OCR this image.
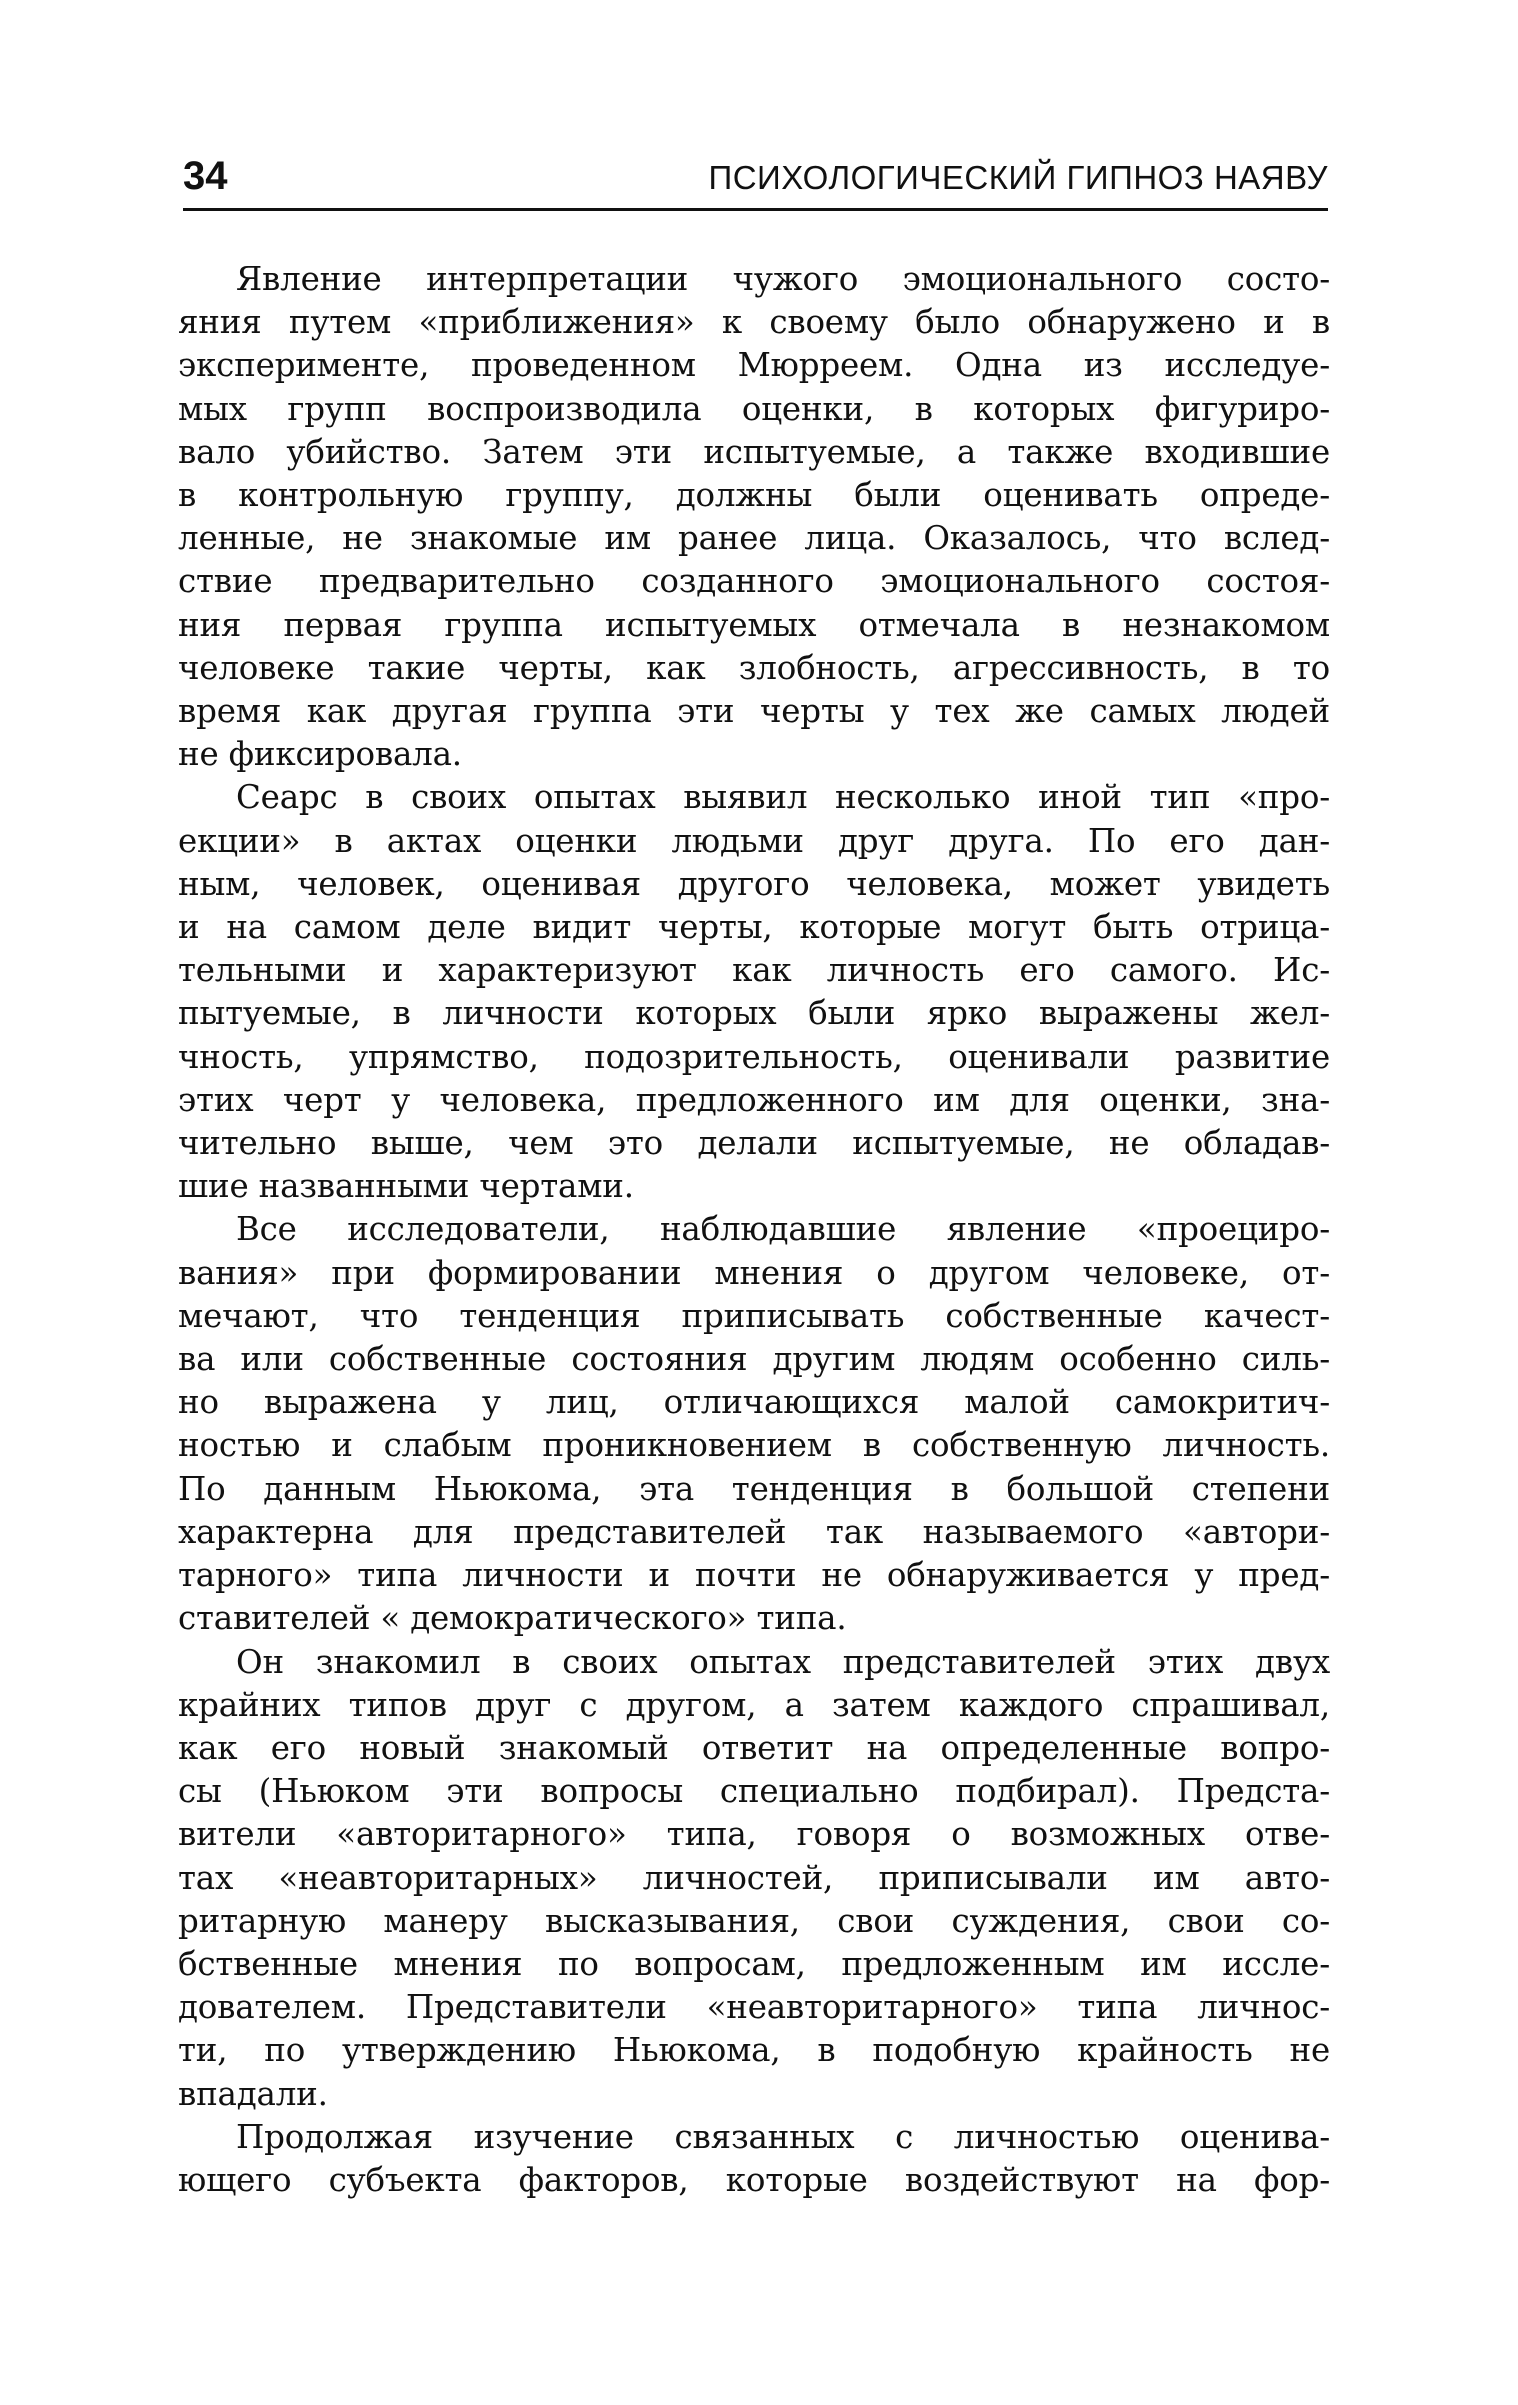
34	ПСИХОЛОГИЧЕСКИЙ ГИПНОЗ НАЯВУ

Явление интерпретации чужого эмоционального состо-
яния путем «приближения» к своему было обнаружено и в
эксперименте, проведенном Мюрреем. Одна из исследуе-
мых групп воспроизводила оценки, в которых фигуриро-
вало убийство. Затем эти испытуемые, а также входившие
в контрольную группу, должны были оценивать опреде-
ленные, не знакомые им ранее лица. Оказалось, что вслед-
ствие предварительно созданного эмоционального состоя-
ния первая группа испытуемых отмечала в незнакомом
человеке такие черты, как злобность, агрессивность, в то
время как другая группа эти черты у тех же самых людей
не фиксировала.

Сеарс в своих опытах выявил несколько иной тип «про-
екции» в актах оценки людьми друг друга. По его дан-
ным, человек, оценивая другого человека, может увидеть
и на самом деле видит черты, которые могут быть отрица-
тельными и характеризуют как личность его самого. Ис-
пытуемые, в личности которых были ярко выражены жел-
чность, упрямство, подозрительность, оценивали развитие
этих черт у человека, предложенного им для оценки, зна-
чительно выше, чем это делали испытуемые, не обладав-
шие названными чертами.

Все исследователи, наблюдавшие явление «проециро-
вания» при формировании мнения о другом человеке, от-
мечают, что тенденция приписывать собственные качест-
ва или собственные состояния другим людям особенно силь-
но выражена у лиц, отличающихся малой самокритич-
ностью и слабым проникновением в собственную личность.
По данным Ньюкома, эта тенденция в большой степени
характерна для представителей так называемого «автори-
тарного» типа личности и почти не обнаруживается у пред-
ставителей « демократического» типа.

Он знакомил в своих опытах представителей этих двух
крайних типов друг с другом, а затем каждого спрашивал,
как его новый знакомый ответит на определенные вопро-
сы (Ньюком эти вопросы специально подбирал). Предста-
вители «авторитарного» типа, говоря о возможных отве-
тах «неавторитарных» личностей, приписывали им авто-
ритарную манеру высказывания, свои суждения, свои со-
бственные мнения по вопросам, предложенным им иссле-
дователем. Представители «неавторитарного» типа личнос-
ти, по утверждению Ньюкома, в подобную крайность не
впадали.

Продолжая изучение связанных с личностью оценива-
ющего субъекта факторов, которые воздействуют на фор-
